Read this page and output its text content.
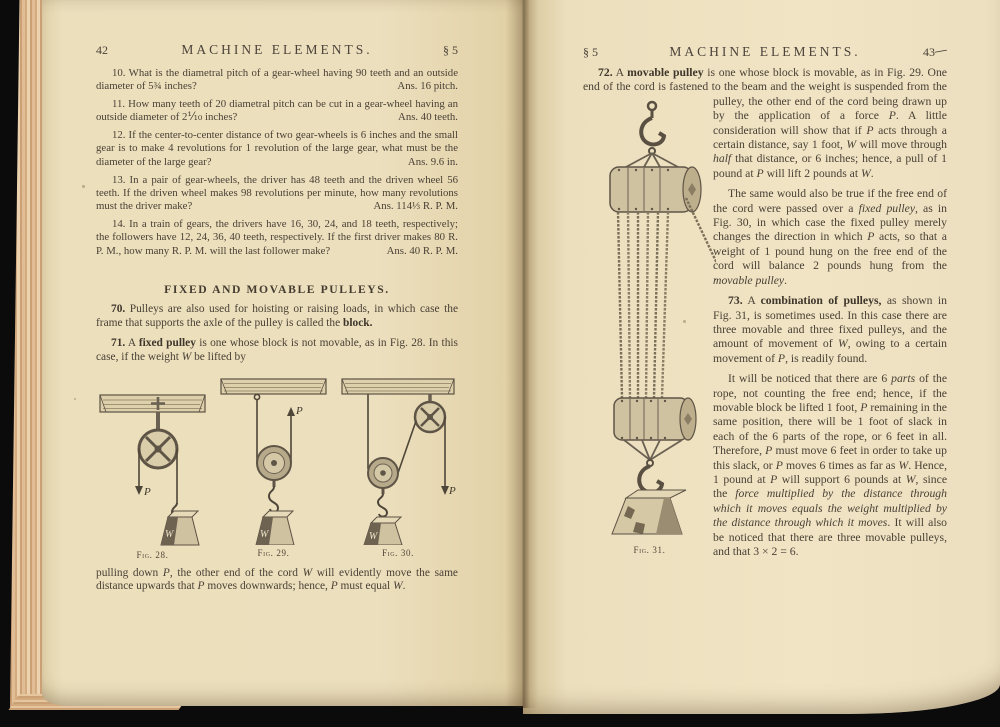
42	MACHINE ELEMENTS.	§ 5

10. What is the diametral pitch of a gear-wheel having 90 teeth and an outside diameter of 5¾ inches?	Ans. 16 pitch.

11. How many teeth of 20 diametral pitch can be cut in a gear-wheel having an outside diameter of 2⅒ inches?	Ans. 40 teeth.

12. If the center-to-center distance of two gear-wheels is 6 inches and the small gear is to make 4 revolutions for 1 revolution of the large gear, what must be the diameter of the large gear?	Ans. 9.6 in.

13. In a pair of gear-wheels, the driver has 48 teeth and the driven wheel 56 teeth. If the driven wheel makes 98 revolutions per minute, how many revolutions must the driver make?	Ans. 114⅓ R. P. M.

14. In a train of gears, the drivers have 16, 30, 24, and 18 teeth, respectively; the followers have 12, 24, 36, 40 teeth, respectively. If the first driver makes 80 R. P. M., how many R. P. M. will the last follower make?	Ans. 40 R. P. M.

FIXED AND MOVABLE PULLEYS.

70. Pulleys are also used for hoisting or raising loads, in which case the frame that supports the axle of the pulley is called the block.

71. A fixed pulley is one whose block is not movable, as in Fig. 28. In this case, if the weight W be lifted by

P
W
Fig. 28.
P
W
Fig. 29.
P
W
Fig. 30.

pulling down P, the other end of the cord W will evidently move the same distance upwards that P moves downwards; hence, P must equal W.

§ 5	MACHINE ELEMENTS.	43—

72. A movable pulley is one whose block is movable, as in Fig. 29. One end of the cord is fastened to the beam and the weight is suspended from the pulley, the other end
Fig. 31.
of the cord being drawn up by the application of a force P. A little consideration will show that if P acts through a certain distance, say 1 foot, W will move through half that distance, or 6 inches; hence, a pull of 1 pound at P will lift 2 pounds at W.

The same would also be true if the free end of the cord were passed over a fixed pulley, as in Fig. 30, in which case the fixed pulley merely changes the direction in which P acts, so that a weight of 1 pound hung on the free end of the cord will balance 2 pounds hung from the movable pulley.

73. A combination of pulleys, as shown in Fig. 31, is sometimes used. In this case there are three movable and three fixed pulleys, and the amount of movement of W, owing to a certain movement of P, is readily found.

It will be noticed that there are 6 parts of the rope, not counting the free end; hence, if the movable block be lifted 1 foot, P remaining in the same position, there will be 1 foot of slack in each of the 6 parts of the rope, or 6 feet in all. Therefore, P must move 6 feet in order to take up this slack, or P moves 6 times as far as W. Hence, 1 pound at P will support 6 pounds at W, since the force multiplied by the distance through which it moves equals the weight multiplied by the distance through which it moves. It will also be noticed that there are three movable pulleys, and that 3 × 2 = 6.
